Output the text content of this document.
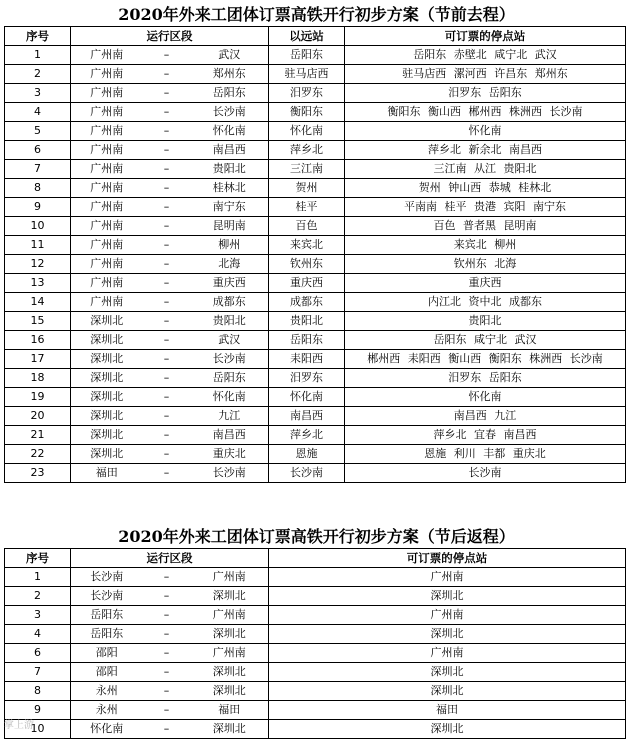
2020年外来工团体订票高铁开行初步方案（节前去程）
序号	运行区段			以远站	可订票的停点站
1	广州南	–	武汉	岳阳东	岳阳东 赤壁北 咸宁北 武汉
2	广州南	–	郑州东	驻马店西	驻马店西 漯河西 许昌东 郑州东
3	广州南	–	岳阳东	汨罗东	汨罗东 岳阳东
4	广州南	–	长沙南	衡阳东	衡阳东 衡山西 郴州西 株洲西 长沙南
5	广州南	–	怀化南	怀化南	怀化南
6	广州南	–	南昌西	萍乡北	萍乡北 新余北 南昌西
7	广州南	–	贵阳北	三江南	三江南 从江 贵阳北
8	广州南	–	桂林北	贺州	贺州 钟山西 恭城 桂林北
9	广州南	–	南宁东	桂平	平南南 桂平 贵港 宾阳 南宁东
10	广州南	–	昆明南	百色	百色 普者黑 昆明南
11	广州南	–	柳州	来宾北	来宾北 柳州
12	广州南	–	北海	钦州东	钦州东 北海
13	广州南	–	重庆西	重庆西	重庆西
14	广州南	–	成都东	成都东	内江北 资中北 成都东
15	深圳北	–	贵阳北	贵阳北	贵阳北
16	深圳北	–	武汉	岳阳东	岳阳东 咸宁北 武汉
17	深圳北	–	长沙南	耒阳西	郴州西 耒阳西 衡山西 衡阳东 株洲西 长沙南
18	深圳北	–	岳阳东	汨罗东	汨罗东 岳阳东
19	深圳北	–	怀化南	怀化南	怀化南
20	深圳北	–	九江	南昌西	南昌西 九江
21	深圳北	–	南昌西	萍乡北	萍乡北 宜春 南昌西
22	深圳北	–	重庆北	恩施	恩施 利川 丰都 重庆北
23	福田	–	长沙南	长沙南	长沙南
2020年外来工团体订票高铁开行初步方案（节后返程）
序号	运行区段			可订票的停点站
1	长沙南	–	广州南	广州南
2	长沙南	–	深圳北	深圳北
3	岳阳东	–	广州南	广州南
4	岳阳东	–	深圳北	深圳北
6	邵阳	–	广州南	广州南
7	邵阳	–	深圳北	深圳北
8	永州	–	深圳北	深圳北
9	永州	–	福田	福田
10	怀化南	–	深圳北	深圳北
掌上游
